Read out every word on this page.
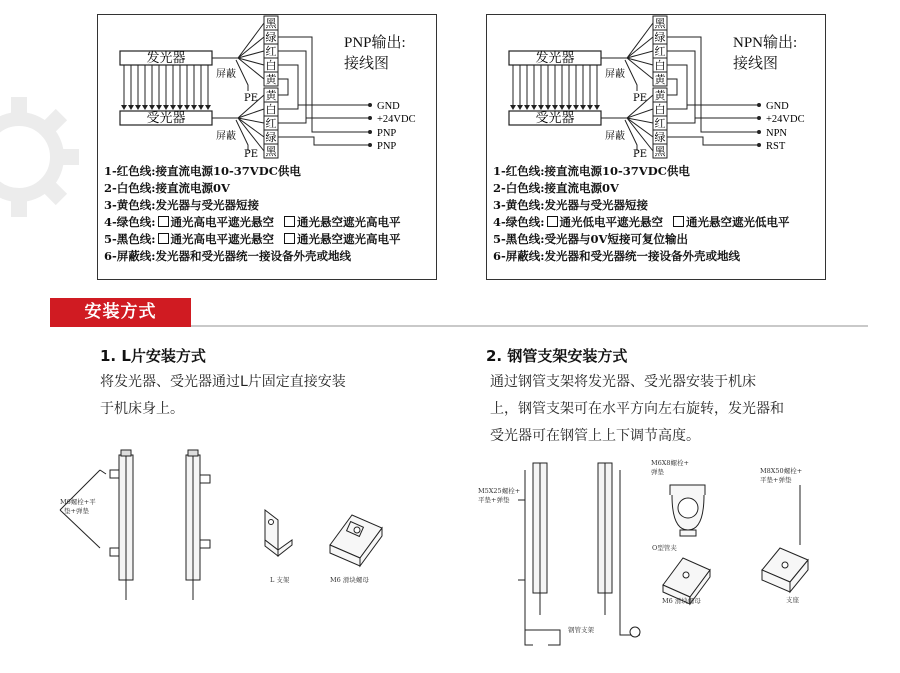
发光器
受光器
屏蔽
PE
屏蔽
PE
黑
绿
红
白
黄
黄
白
红
绿
黑
GND
+24VDC
PNP
PNP
PNP输出:
接线图
1-红色线:接直流电源10-37VDC供电
2-白色线:接直流电源0V
3-黄色线:发光器与受光器短接
4-绿色线: 通光高电平遮光悬空 通光悬空遮光高电平
5-黑色线: 通光高电平遮光悬空 通光悬空遮光高电平
6-屏蔽线:发光器和受光器统一接设备外壳或地线
发光器
受光器
屏蔽
PE
屏蔽
PE
黑
绿
红
白
黄
黄
白
红
绿
黑
GND
+24VDC
NPN
RST
NPN输出:
接线图
1-红色线:接直流电源10-37VDC供电
2-白色线:接直流电源0V
3-黄色线:发光器与受光器短接
4-绿色线: 通光低电平遮光悬空 通光悬空遮光低电平
5-黑色线:受光器与0V短接可复位输出
6-屏蔽线:发光器和受光器统一接设备外壳或地线
安装方式
1. L片安装方式
将发光器、受光器通过L片固定直接安装
于机床身上。
2. 钢管支架安装方式
通过钢管支架将发光器、受光器安装于机床
上，钢管支架可在水平方向左右旋转，发光器和
受光器可在钢管上上下调节高度。
M6螺栓+平
垫+弹垫
L 支架	M6 滑块螺母
M5X25螺栓+
平垫+弹垫
钢管支架
M6X8螺栓+
弹垫
O型管夹
M6 滑块螺母
M8X50螺栓+
平垫+弹垫
支座
